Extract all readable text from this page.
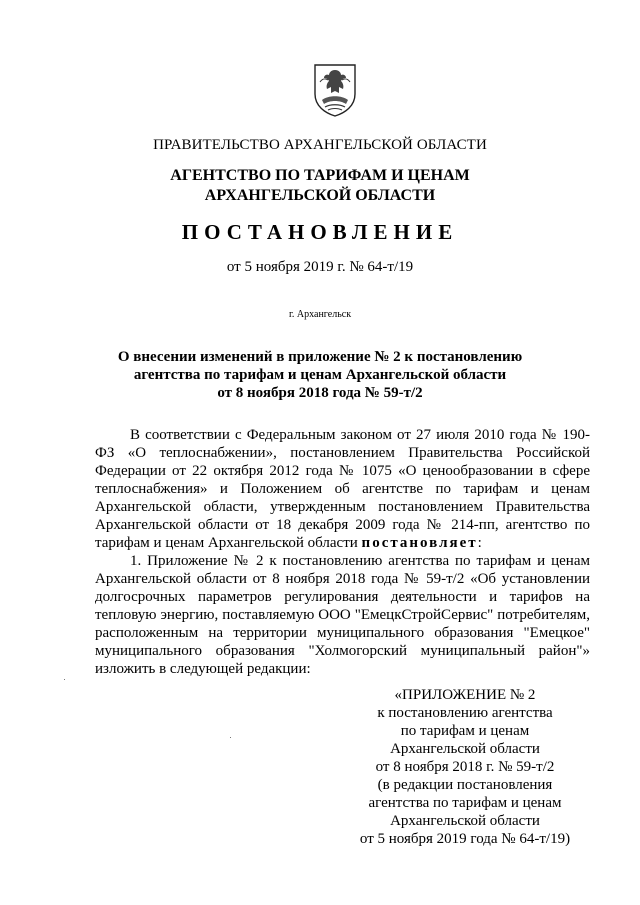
ПРАВИТЕЛЬСТВО АРХАНГЕЛЬСКОЙ ОБЛАСТИ
АГЕНТСТВО ПО ТАРИФАМ И ЦЕНАМ
АРХАНГЕЛЬСКОЙ ОБЛАСТИ
ПОСТАНОВЛЕНИЕ
от 5 ноября 2019 г. № 64-т/19
г. Архангельск
О внесении изменений в приложение № 2 к постановлению
агентства по тарифам и ценам Архангельской области
от 8 ноября 2018 года № 59-т/2

В соответствии с Федеральным законом от 27 июля 2010 года № 190-ФЗ «О теплоснабжении», постановлением Правительства Российской Федерации от 22 октября 2012 года № 1075 «О ценообразовании в сфере теплоснабжения» и Положением об агентстве по тарифам и ценам Архангельской области, утвержденным постановлением Правительства Архангельской области от 18 декабря 2009 года № 214-пп, агентство по тарифам и ценам Архангельской области постановляет:

1. Приложение № 2 к постановлению агентства по тарифам и ценам Архангельской области от 8 ноября 2018 года № 59-т/2 «Об установлении долгосрочных параметров регулирования деятельности и тарифов на тепловую энергию, поставляемую ООО "ЕмецкСтройСервис" потребителям, расположенным на территории муниципального образования "Емецкое" муниципального образования "Холмогорский муниципальный район"» изложить в следующей редакции:

«ПРИЛОЖЕНИЕ № 2
к постановлению агентства
по тарифам и ценам
Архангельской области
от 8 ноября 2018 г. № 59-т/2
(в редакции постановления
агентства по тарифам и ценам
Архангельской области
от 5 ноября 2019 года № 64-т/19)
